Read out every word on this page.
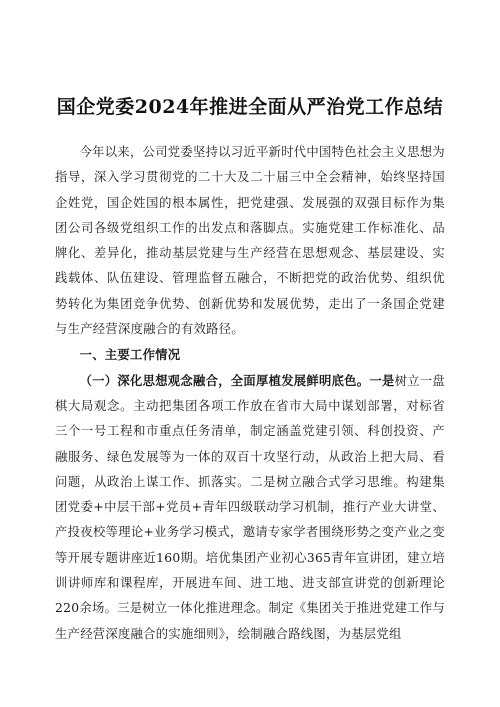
国企党委2024年推进全面从严治党工作总结

今年以来，公司党委坚持以习近平新时代中国特色社会主义思想为指导，深入学习贯彻党的二十大及二十届三中全会精神，始终坚持国企姓党，国企姓国的根本属性，把党建强、发展强的双强目标作为集团公司各级党组织工作的出发点和落脚点。实施党建工作标准化、品牌化、差异化，推动基层党建与生产经营在思想观念、基层建设、实践载体、队伍建设、管理监督五融合，不断把党的政治优势、组织优势转化为集团竞争优势、创新优势和发展优势，走出了一条国企党建与生产经营深度融合的有效路径。

一、主要工作情况

（一）深化思想观念融合，全面厚植发展鲜明底色。一是树立一盘棋大局观念。主动把集团各项工作放在省市大局中谋划部署，对标省三个一号工程和市重点任务清单，制定涵盖党建引领、科创投资、产融服务、绿色发展等为一体的双百十攻坚行动，从政治上把大局、看问题，从政治上谋工作、抓落实。二是树立融合式学习思维。构建集团党委+中层干部+党员+青年四级联动学习机制，推行产业大讲堂、产投夜校等理论+业务学习模式，邀请专家学者围绕形势之变产业之变等开展专题讲座近160期。培优集团产业初心365青年宣讲团，建立培训讲师库和课程库，开展进车间、进工地、进支部宣讲党的创新理论220余场。三是树立一体化推进理念。制定《集团关于推进党建工作与生产经营深度融合的实施细则》，绘制融合路线图，为基层党组
